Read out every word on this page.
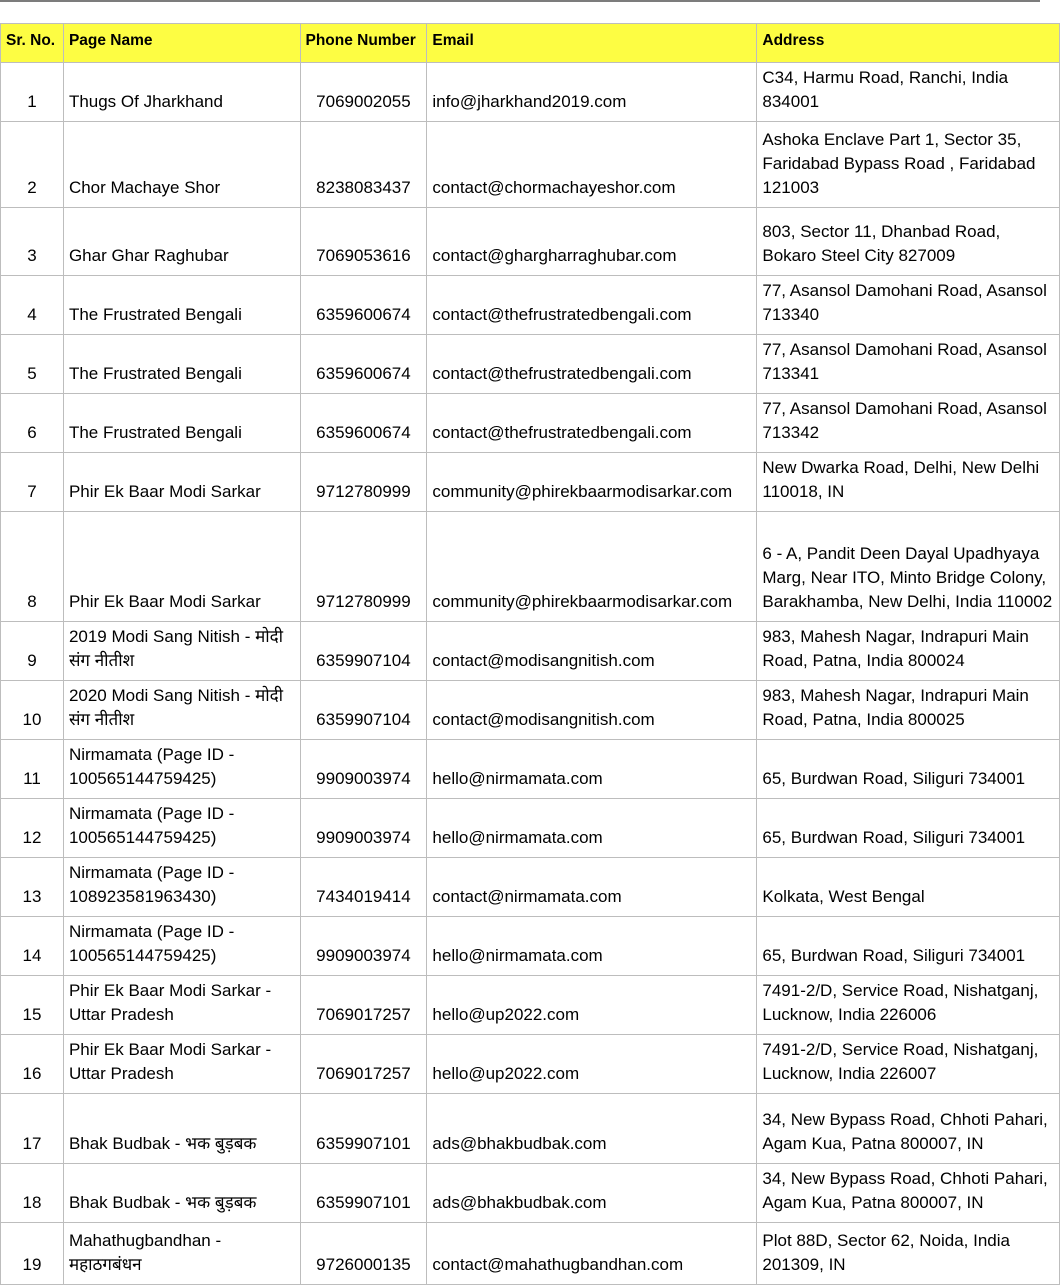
Sr. No.	Page Name	Phone Number	Email	Address
1	Thugs Of Jharkhand	7069002055	info@jharkhand2019.com	C34, Harmu Road, Ranchi, India 834001
2	Chor Machaye Shor	8238083437	contact@chormachayeshor.com	Ashoka Enclave Part 1, Sector 35, Faridabad Bypass Road , Faridabad 121003
3	Ghar Ghar Raghubar	7069053616	contact@ghargharraghubar.com	803, Sector 11, Dhanbad Road, Bokaro Steel City 827009
4	The Frustrated Bengali	6359600674	contact@thefrustratedbengali.com	77, Asansol Damohani Road, Asansol 713340
5	The Frustrated Bengali	6359600674	contact@thefrustratedbengali.com	77, Asansol Damohani Road, Asansol 713341
6	The Frustrated Bengali	6359600674	contact@thefrustratedbengali.com	77, Asansol Damohani Road, Asansol 713342
7	Phir Ek Baar Modi Sarkar	9712780999	community@phirekbaarmodisarkar.com	New Dwarka Road, Delhi, New Delhi 110018, IN
8	Phir Ek Baar Modi Sarkar	9712780999	community@phirekbaarmodisarkar.com	6 - A, Pandit Deen Dayal Upadhyaya Marg, Near ITO, Minto Bridge Colony, Barakhamba, New Delhi, India 110002
9	2019 Modi Sang Nitish - मोदी संग नीतीश	6359907104	contact@modisangnitish.com	983, Mahesh Nagar, Indrapuri Main Road, Patna, India 800024
10	2020 Modi Sang Nitish - मोदी संग नीतीश	6359907104	contact@modisangnitish.com	983, Mahesh Nagar, Indrapuri Main Road, Patna, India 800025
11	Nirmamata (Page ID - 100565144759425)	9909003974	hello@nirmamata.com	65, Burdwan Road, Siliguri 734001
12	Nirmamata (Page ID - 100565144759425)	9909003974	hello@nirmamata.com	65, Burdwan Road, Siliguri 734001
13	Nirmamata (Page ID - 108923581963430)	7434019414	contact@nirmamata.com	Kolkata, West Bengal
14	Nirmamata (Page ID - 100565144759425)	9909003974	hello@nirmamata.com	65, Burdwan Road, Siliguri 734001
15	Phir Ek Baar Modi Sarkar - Uttar Pradesh	7069017257	hello@up2022.com	7491-2/D, Service Road, Nishatganj, Lucknow, India 226006
16	Phir Ek Baar Modi Sarkar - Uttar Pradesh	7069017257	hello@up2022.com	7491-2/D, Service Road, Nishatganj, Lucknow, India 226007
17	Bhak Budbak - भक बुड़बक	6359907101	ads@bhakbudbak.com	34, New Bypass Road, Chhoti Pahari, Agam Kua, Patna 800007, IN
18	Bhak Budbak - भक बुड़बक	6359907101	ads@bhakbudbak.com	34, New Bypass Road, Chhoti Pahari, Agam Kua, Patna 800007, IN
19	Mahathugbandhan - महाठगबंधन	9726000135	contact@mahathugbandhan.com	Plot 88D, Sector 62, Noida, India 201309, IN
